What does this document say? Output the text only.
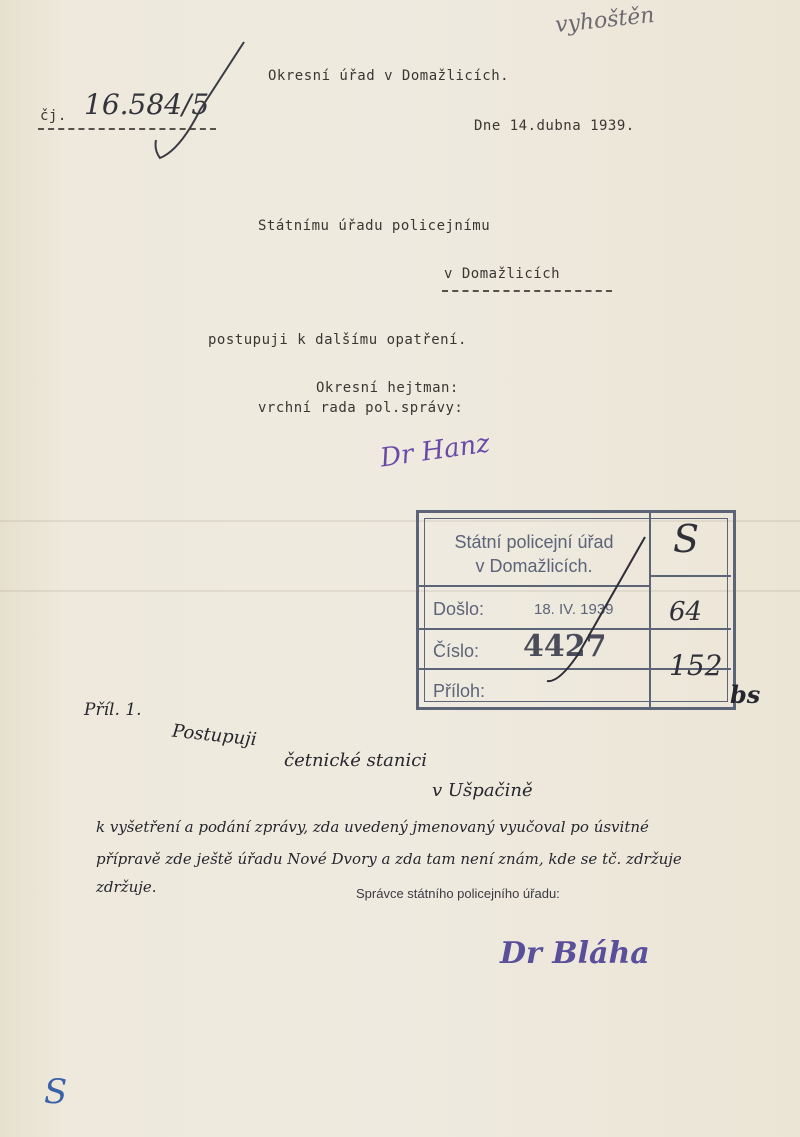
vyhoštěn
Okresní úřad v Domažlicích.
čj. 16.584/5
Dne 14.dubna 1939.
Státnímu úřadu policejnímu
v Domažlicích
postupuji k dalšímu opatření.
Okresní hejtman:
vrchní rada pol.správy:
Dr Hanz
Státní policejní úřad
v Domažlicích.
Došlo:	18. IV. 1939
Číslo: 4427
Příloh:
S
64
152
bs
Příl. 1.
Postupuji
četnické stanici
v Ušpačině
k vyšetření a podání zprávy, zda uvedený jmenovaný vyučoval po úsvitné
přípravě zde ještě úřadu Nové Dvory a zda tam není znám, kde se tč. zdržuje
zdržuje.	Správce státního policejního úřadu:
Dr Bláha
S
